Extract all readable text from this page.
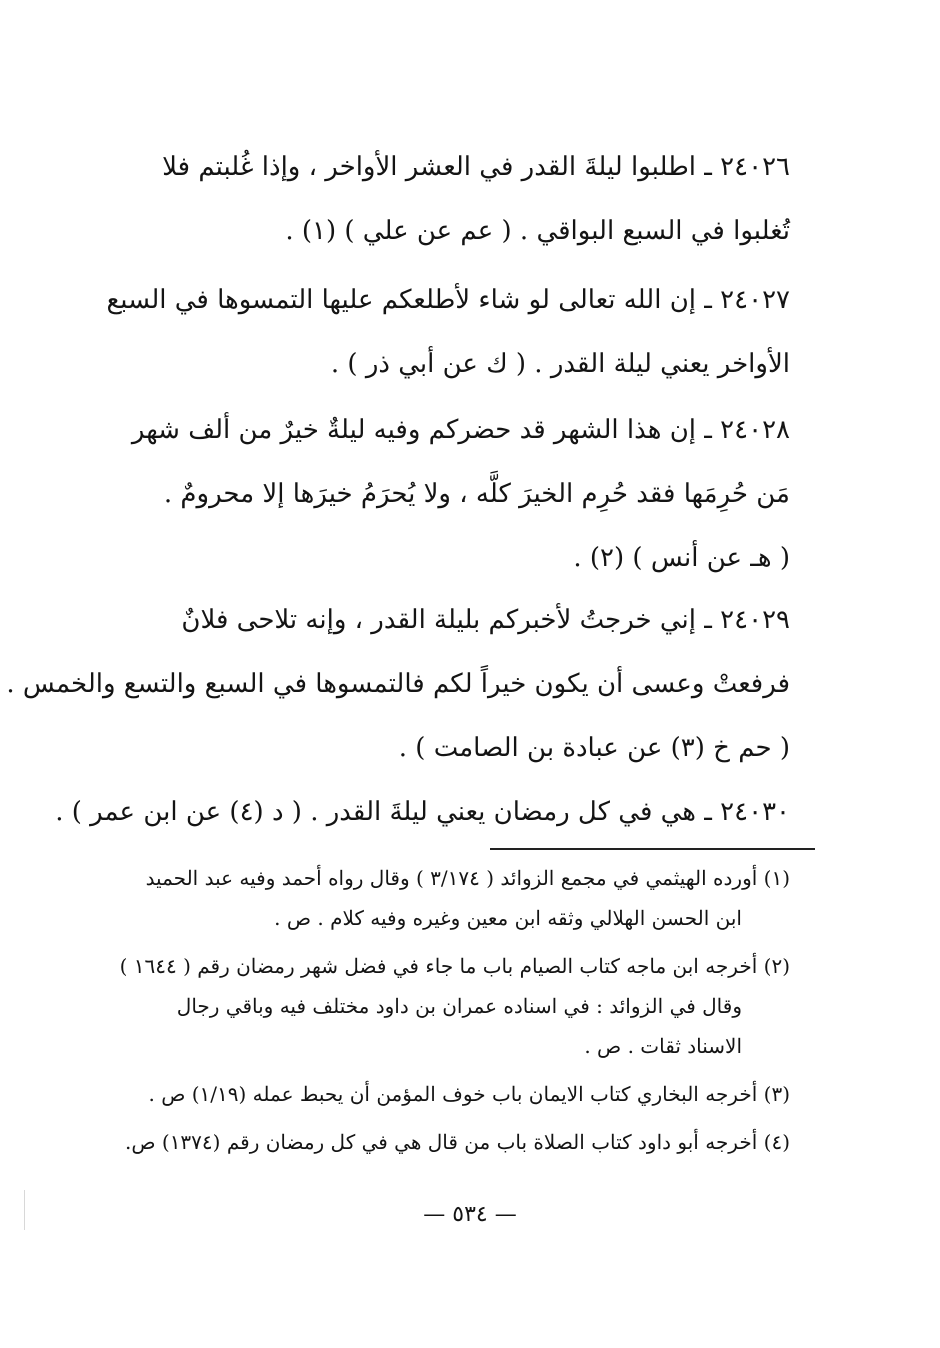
٢٤٠٢٦ ـ اطلبوا ليلةَ القدر في العشر الأواخر ، وإذا غُلبتم فلا
تُغلبوا في السبع البواقي . ( عم عن علي ) (١) .
٢٤٠٢٧ ـ إن الله تعالى لو شاء لأطلعكم عليها التمسوها في السبع
الأواخر يعني ليلة القدر . ( ك عن أبي ذر ) .
٢٤٠٢٨ ـ إن هذا الشهر قد حضركم وفيه ليلةٌ خيرٌ من ألف شهر
مَن حُرِمَها فقد حُرِم الخيرَ كلَّه ، ولا يُحرَمُ خيرَها إلا محرومٌ .
( هـ عن أنس ) (٢) .
٢٤٠٢٩ ـ إني خرجتُ لأخبركم بليلة القدر ، وإنه تلاحى فلانٌ
فرفعتْ وعسى أن يكون خيراً لكم فالتمسوها في السبع والتسع والخمس .
( حم خ (٣) عن عبادة بن الصامت ) .
٢٤٠٣٠ ـ هي في كل رمضان يعني ليلةَ القدر . ( د (٤) عن ابن عمر ) .
(١) أورده الهيثمي في مجمع الزوائد ( ٣/١٧٤ ) وقال رواه أحمد وفيه عبد الحميد
ابن الحسن الهلالي وثقه ابن معين وغيره وفيه كلام . ص .
(٢) أخرجه ابن ماجه كتاب الصيام باب ما جاء في فضل شهر رمضان رقم ( ١٦٤٤ )
وقال في الزوائد : في اسناده عمران بن داود مختلف فيه وباقي رجال
الاسناد ثقات . ص .
(٣) أخرجه البخاري كتاب الايمان باب خوف المؤمن أن يحبط عمله (١/١٩) ص .
(٤) أخرجه أبو داود كتاب الصلاة باب من قال هي في كل رمضان رقم (١٣٧٤) ص.
— ٥٣٤ —
